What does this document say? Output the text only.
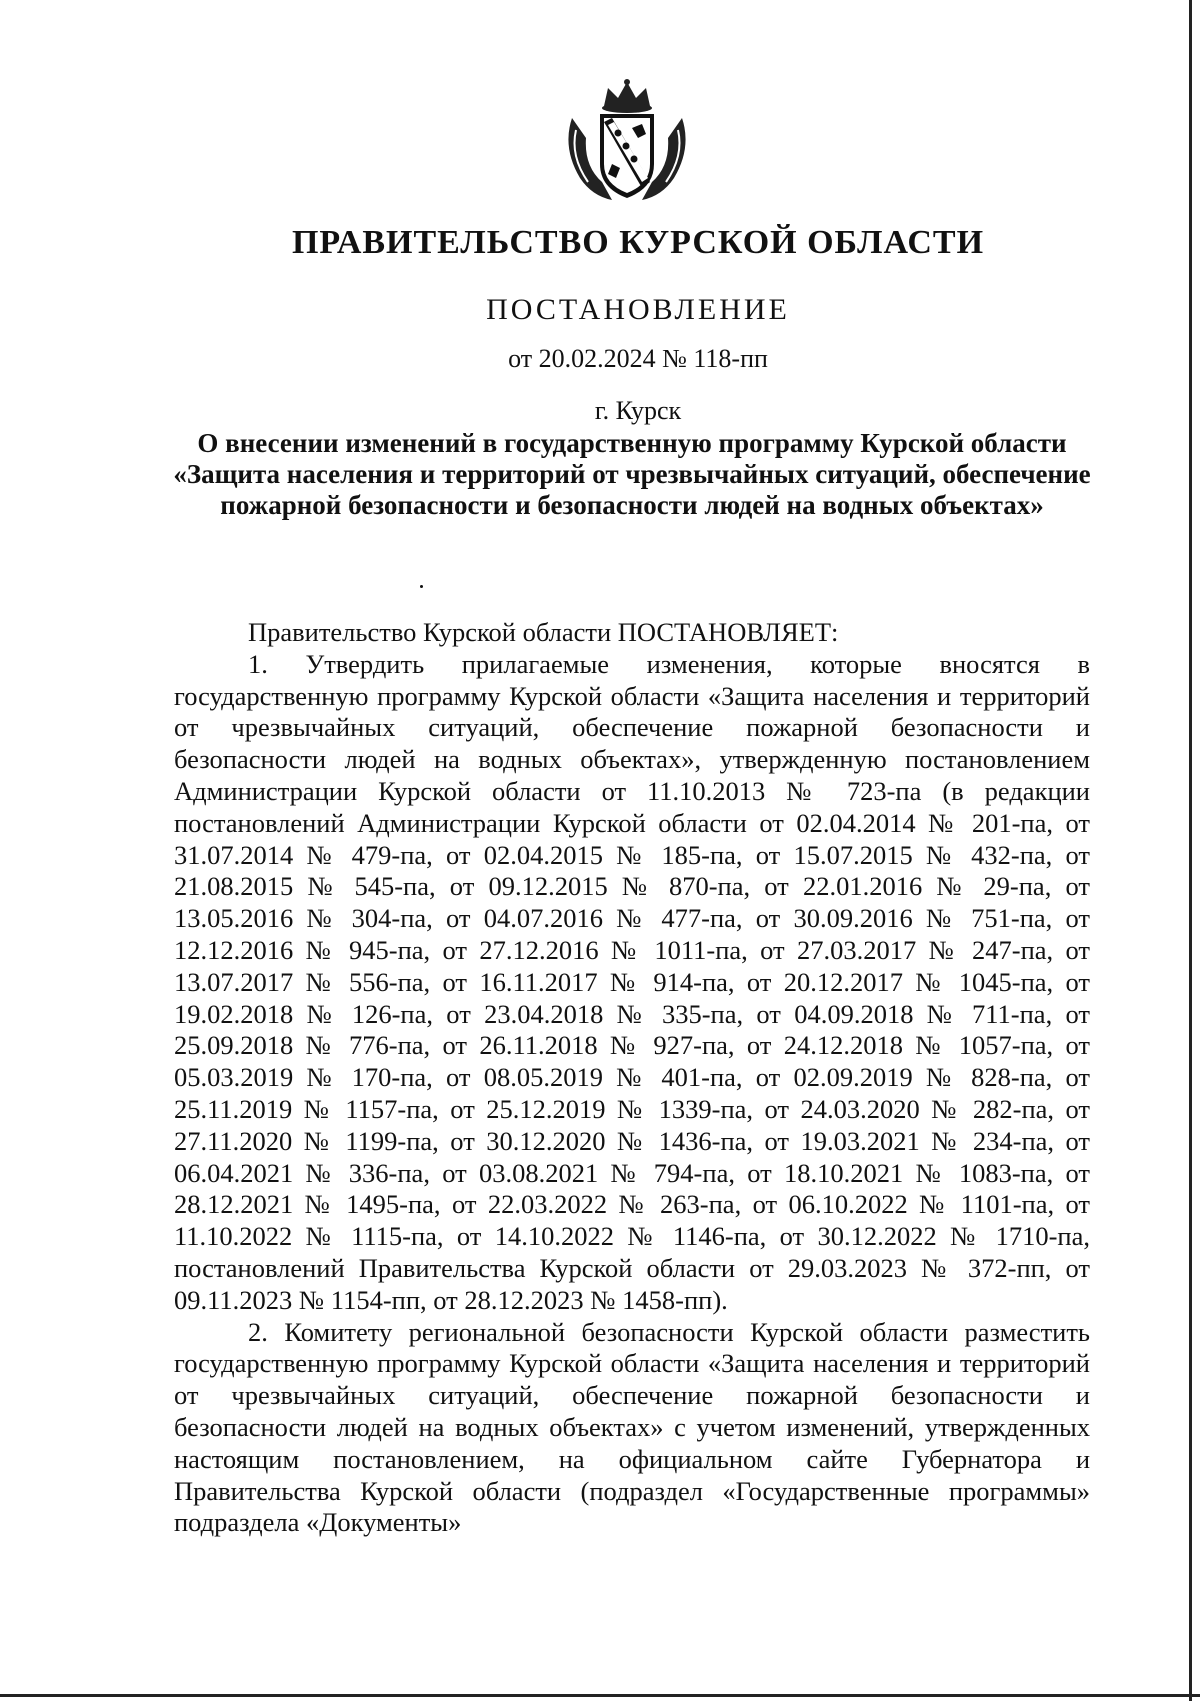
ПРАВИТЕЛЬСТВО КУРСКОЙ ОБЛАСТИ
ПОСТАНОВЛЕНИЕ
от 20.02.2024 № 118-пп
г. Курск
О внесении изменений в государственную программу Курской области «Защита населения и территорий от чрезвычайных ситуаций, обеспечение пожарной безопасности и безопасности людей на водных объектах»

Правительство Курской области ПОСТАНОВЛЯЕТ:

1. Утвердить прилагаемые изменения, которые вносятся в государственную программу Курской области «Защита населения и территорий от чрезвычайных ситуаций, обеспечение пожарной безопасности и безопасности людей на водных объектах», утвержденную постановлением Администрации Курской области от 11.10.2013 № 723-па (в редакции постановлений Администрации Курской области от 02.04.2014 № 201-па, от 31.07.2014 № 479-па, от 02.04.2015 № 185-па, от 15.07.2015 № 432-па, от 21.08.2015 № 545-па, от 09.12.2015 № 870-па, от 22.01.2016 № 29-па, от 13.05.2016 № 304-па, от 04.07.2016 № 477-па, от 30.09.2016 № 751-па, от 12.12.2016 № 945-па, от 27.12.2016 № 1011-па, от 27.03.2017 № 247-па, от 13.07.2017 № 556-па, от 16.11.2017 № 914-па, от 20.12.2017 № 1045-па, от 19.02.2018 № 126-па, от 23.04.2018 № 335-па, от 04.09.2018 № 711-па, от 25.09.2018 № 776-па, от 26.11.2018 № 927-па, от 24.12.2018 № 1057-па, от 05.03.2019 № 170-па, от 08.05.2019 № 401-па, от 02.09.2019 № 828-па, от 25.11.2019 № 1157-па, от 25.12.2019 № 1339-па, от 24.03.2020 № 282-па, от 27.11.2020 № 1199-па, от 30.12.2020 № 1436-па, от 19.03.2021 № 234-па, от 06.04.2021 № 336-па, от 03.08.2021 № 794-па, от 18.10.2021 № 1083-па, от 28.12.2021 № 1495-па, от 22.03.2022 № 263-па, от 06.10.2022 № 1101-па, от 11.10.2022 № 1115-па, от 14.10.2022 № 1146-па, от 30.12.2022 № 1710-па, постановлений Правительства Курской области от 29.03.2023 № 372-пп, от 09.11.2023 № 1154-пп, от 28.12.2023 № 1458-пп).

2. Комитету региональной безопасности Курской области разместить государственную программу Курской области «Защита населения и территорий от чрезвычайных ситуаций, обеспечение пожарной безопасности и безопасности людей на водных объектах» с учетом изменений, утвержденных настоящим постановлением, на официальном сайте Губернатора и Правительства Курской области (подраздел «Государственные программы» подраздела «Документы»
